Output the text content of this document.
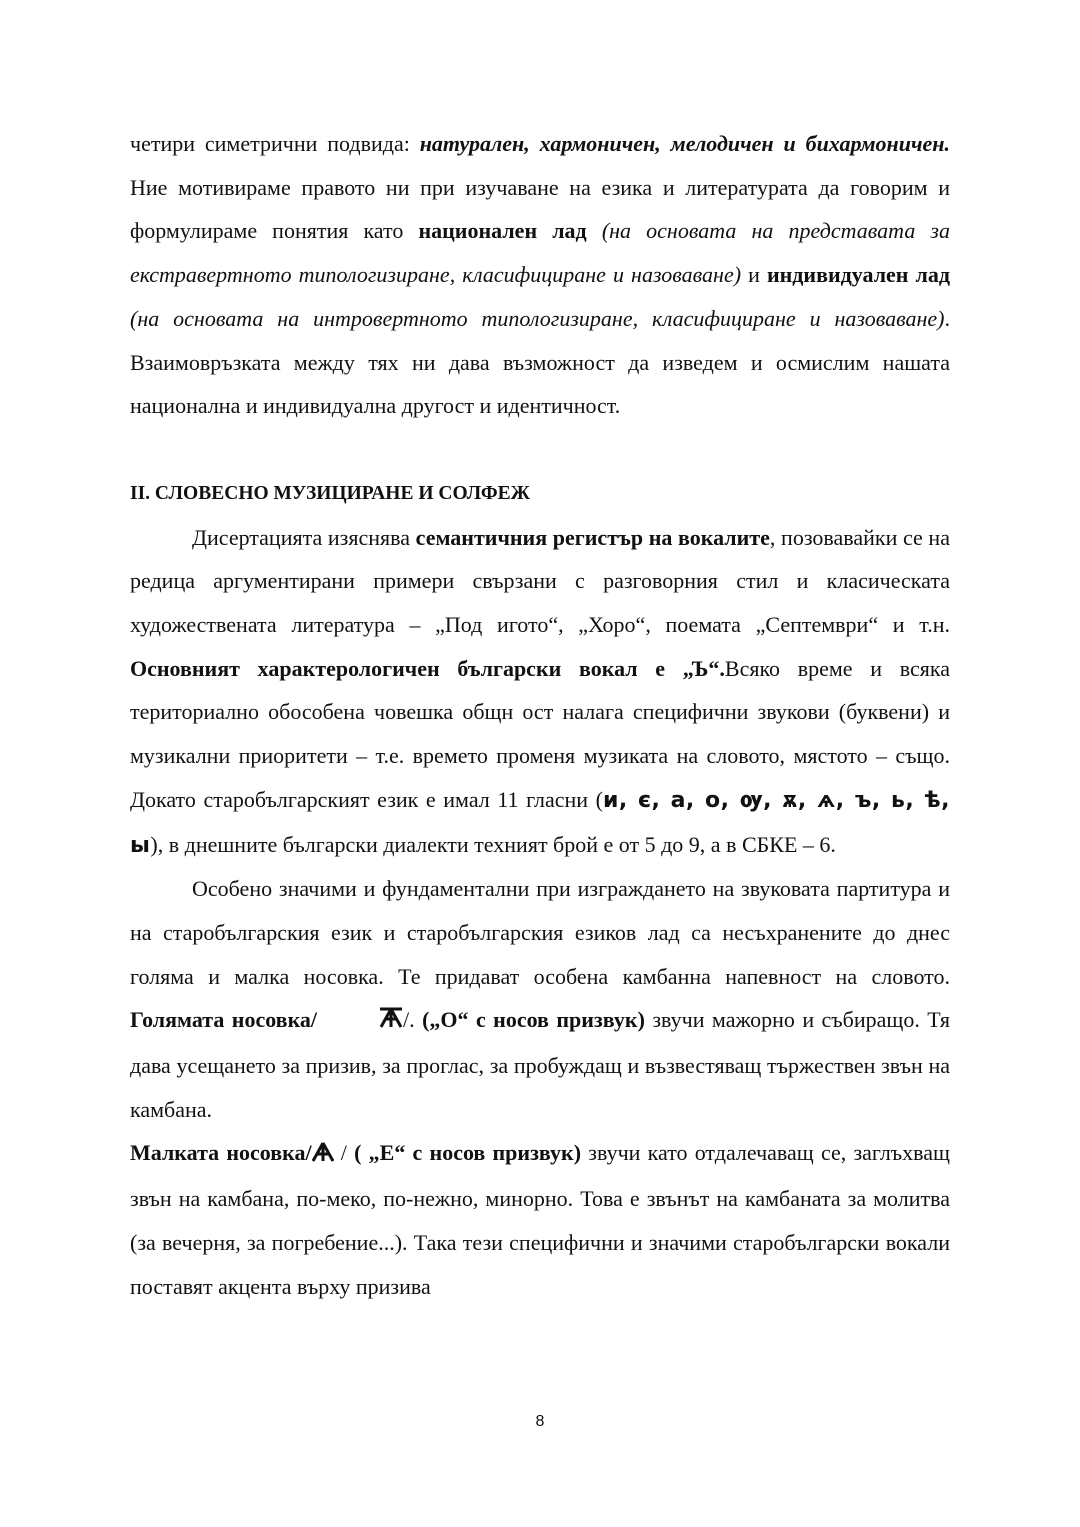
четири симетрични подвида: натурален, хармоничен, мелодичен и бихармоничен. Ние мотивираме правото ни при изучаване на езика и литературата да говорим и формулираме понятия като национален лад (на основата на представата за екстравертното типологизиране, класифициране и назоваване) и индивидуален лад (на основата на интровертното типологизиране, класифициране и назоваване). Взаимовръзката между тях ни дава възможност да изведем и осмислим нашата национална и индивидуална другост и идентичност.

II. СЛОВЕСНО МУЗИЦИРАНЕ И СОЛФЕЖ

Дисертацията изяснява семантичния регистър на вокалите, позовавайки се на редица аргументирани примери свързани с разговорния стил и класическата художествената литература – „Под игото“, „Хоро“, поемата „Септември“ и т.н. Основният характерологичен български вокал е „Ъ“.Всяко време и всяка териториално обособена човешка общн ост налага специфични звукови (буквени) и музикални приоритети – т.е. времето променя музиката на словото, мястото – също. Докато старобългарският език е имал 11 гласни (и, є, а, о, ѹ, ѫ, ѧ, ъ, ь, ѣ, ы), в днешните български диалекти техният брой е от 5 до 9, а в СБКЕ – 6.

Особено значими и фундаментални при изграждането на звуковата партитура и на старобългарския език и старобългарския езиков лад са несъхранените до днес голяма и малка носовка. Те придават особена камбанна напевност на словото. Голямата носовка/	/. („О“ с носов призвук) звучи мажорно и събиращо. Тя дава усещането за призив, за проглас, за пробуждащ и възвестяващ тържествен звън на камбана.

Малката носовка/ / ( „Е“ с носов призвук) звучи като отдалечаващ се, заглъхващ звън на камбана, по-меко, по-нежно, минорно. Това е звънът на камбаната за молитва (за вечерня, за погребение...). Така тези специфични и значими старобългарски вокали поставят акцента върху призива

8
